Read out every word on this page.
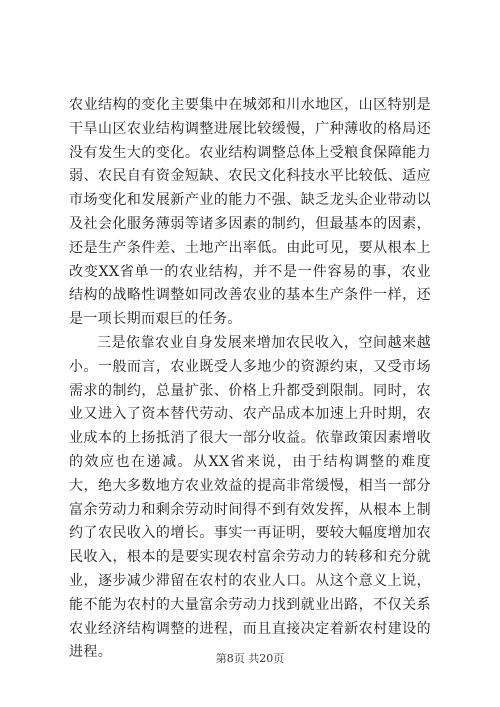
农业结构的变化主要集中在城郊和川水地区，山区特别是干旱山区农业结构调整进展比较缓慢，广种薄收的格局还没有发生大的变化。农业结构调整总体上受粮食保障能力弱、农民自有资金短缺、农民文化科技水平比较低、适应市场变化和发展新产业的能力不强、缺乏龙头企业带动以及社会化服务薄弱等诸多因素的制约，但最基本的因素，还是生产条件差、土地产出率低。由此可见，要从根本上改变XX省单一的农业结构，并不是一件容易的事，农业结构的战略性调整如同改善农业的基本生产条件一样，还是一项长期而艰巨的任务。

三是依靠农业自身发展来增加农民收入，空间越来越小。一般而言，农业既受人多地少的资源约束，又受市场需求的制约，总量扩张、价格上升都受到限制。同时，农业又进入了资本替代劳动、农产品成本加速上升时期，农业成本的上扬抵消了很大一部分收益。依靠政策因素增收的效应也在递减。从XX省来说，由于结构调整的难度大，绝大多数地方农业效益的提高非常缓慢，相当一部分富余劳动力和剩余劳动时间得不到有效发挥，从根本上制约了农民收入的增长。事实一再证明，要较大幅度增加农民收入，根本的是要实现农村富余劳动力的转移和充分就业，逐步减少滞留在农村的农业人口。从这个意义上说，能不能为农村的大量富余劳动力找到就业出路，不仅关系农业经济结构调整的进程，而且直接决定着新农村建设的进程。	第8页 共20页
